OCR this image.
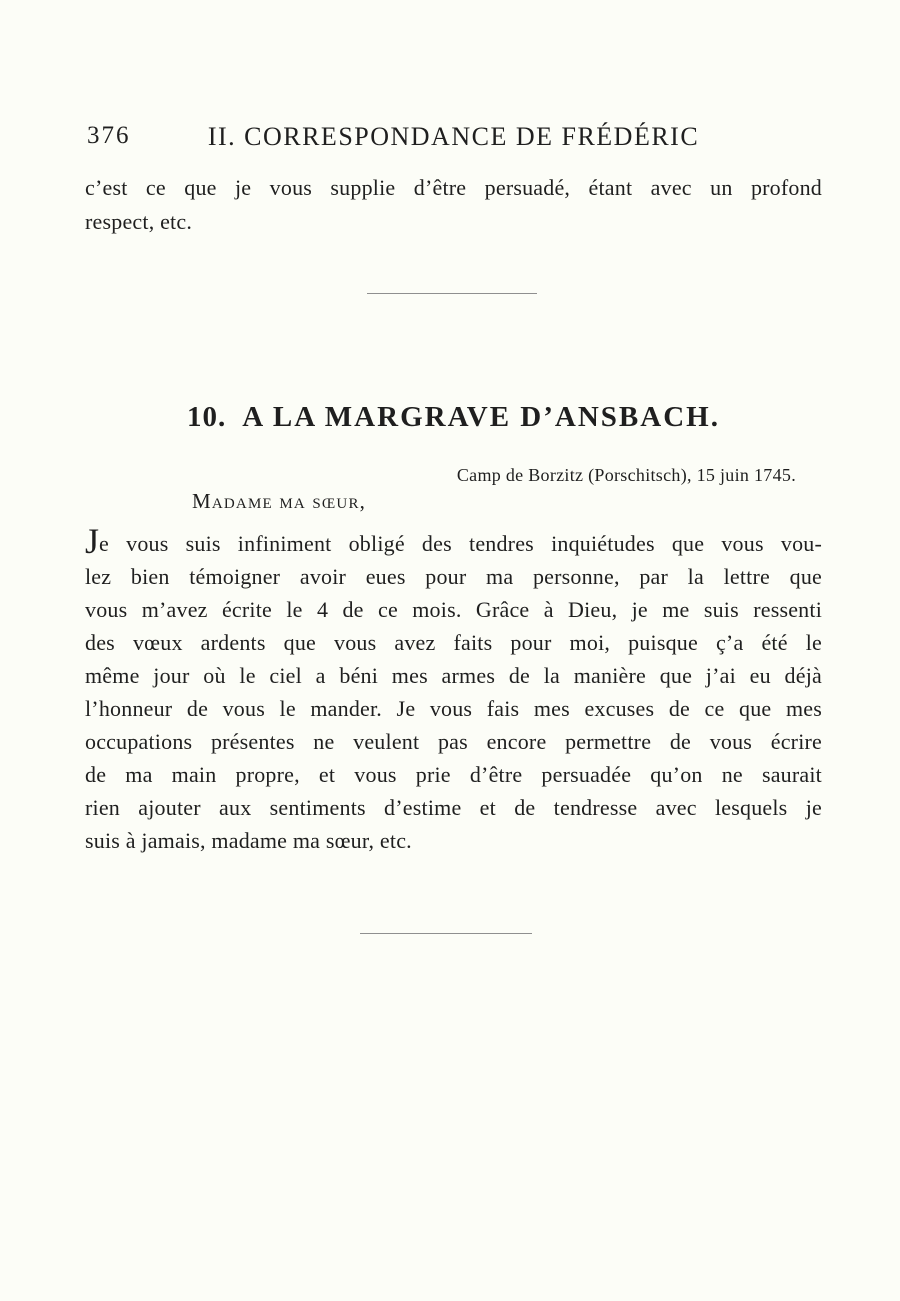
376	II. CORRESPONDANCE DE FRÉDÉRIC
c’est ce que je vous supplie d’être persuadé, étant avec un profond
respect, etc.
10. A LA MARGRAVE D’ANSBACH.
Camp de Borzitz (Porschitsch), 15 juin 1745.
Madame ma sœur,
Je vous suis infiniment obligé des tendres inquiétudes que vous vou-
lez bien témoigner avoir eues pour ma personne, par la lettre que
vous m’avez écrite le 4 de ce mois. Grâce à Dieu, je me suis ressenti
des vœux ardents que vous avez faits pour moi, puisque ç’a été le
même jour où le ciel a béni mes armes de la manière que j’ai eu déjà
l’honneur de vous le mander. Je vous fais mes excuses de ce que mes
occupations présentes ne veulent pas encore permettre de vous écrire
de ma main propre, et vous prie d’être persuadée qu’on ne saurait
rien ajouter aux sentiments d’estime et de tendresse avec lesquels je
suis à jamais, madame ma sœur, etc.
